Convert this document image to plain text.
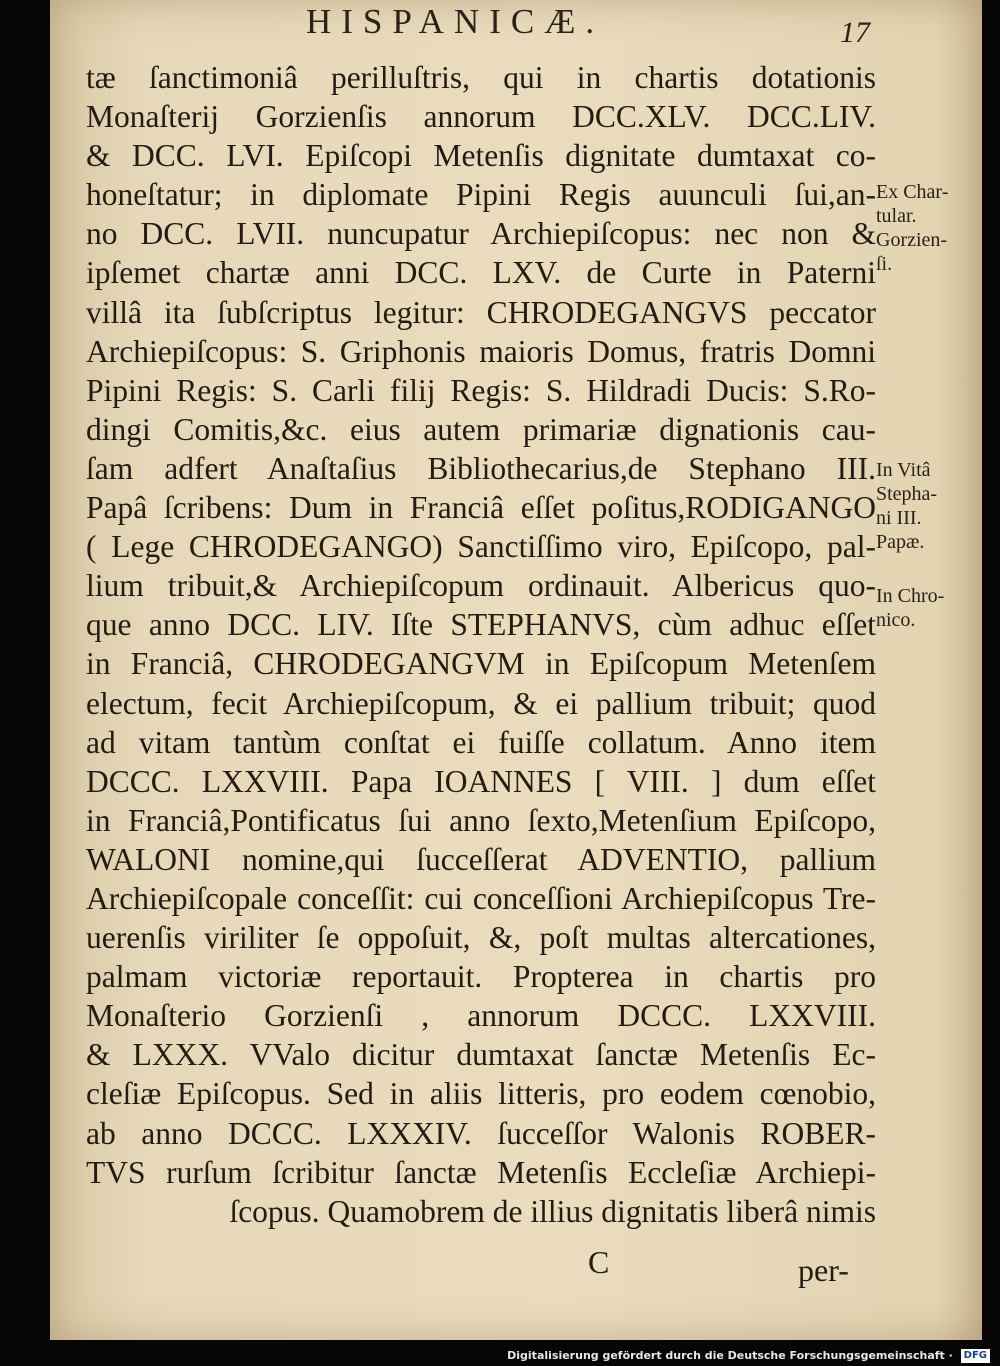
HISPANICÆ.	17
tæ ſanctimoniâ perilluſtris, qui in chartis dotationis
Monaſterij Gorzienſis annorum DCC.XLV. DCC.LIV.
& DCC. LVI. Epiſcopi Metenſis dignitate dumtaxat co-
honeſtatur; in diplomate Pipini Regis auunculi ſui,an-
no DCC. LVII. nuncupatur Archiepiſcopus: nec non &
ipſemet chartæ anni DCC. LXV. de Curte in Paterni
villâ ita ſubſcriptus legitur: CHRODEGANGVS peccator
Archiepiſcopus: S. Griphonis maioris Domus, fratris Domni
Pipini Regis: S. Carli filij Regis: S. Hildradi Ducis: S.Ro-
dingi Comitis,&c. eius autem primariæ dignationis cau-
ſam adfert Anaſtaſius Bibliothecarius,de Stephano III.
Papâ ſcribens: Dum in Franciâ eſſet poſitus,RODIGANGO
( Lege CHRODEGANGO) Sanctiſſimo viro, Epiſcopo, pal-
lium tribuit,& Archiepiſcopum ordinauit. Albericus quo-
que anno DCC. LIV. Iſte STEPHANVS, cùm adhuc eſſet
in Franciâ, CHRODEGANGVM in Epiſcopum Metenſem
electum, fecit Archiepiſcopum, & ei pallium tribuit; quod
ad vitam tantùm conſtat ei fuiſſe collatum. Anno item
DCCC. LXXVIII. Papa IOANNES [ VIII. ] dum eſſet
in Franciâ,Pontificatus ſui anno ſexto,Metenſium Epiſcopo,
WALONI nomine,qui ſucceſſerat ADVENTIO, pallium
Archiepiſcopale conceſſit: cui conceſſioni Archiepiſcopus Tre-
uerenſis viriliter ſe oppoſuit, &, poſt multas altercationes,
palmam victoriæ reportauit. Propterea in chartis pro
Monaſterio Gorzienſi , annorum DCCC. LXXVIII.
& LXXX. VValo dicitur dumtaxat ſanctæ Metenſis Ec-
cleſiæ Epiſcopus. Sed in aliis litteris, pro eodem cœnobio,
ab anno DCCC. LXXXIV. ſucceſſor Walonis ROBER-
TVS rurſum ſcribitur ſanctæ Metenſis Eccleſiæ Archiepi-
ſcopus. Quamobrem de illius dignitatis liberâ nimis
Ex Char-
tular.
Gorzien-
ſi.
In Vitâ
Stepha-
ni III.
Papæ.
In Chro-
nico.
C	per-
Digitalisierung gefördert durch die Deutsche Forschungsgemeinschaft · DFG
